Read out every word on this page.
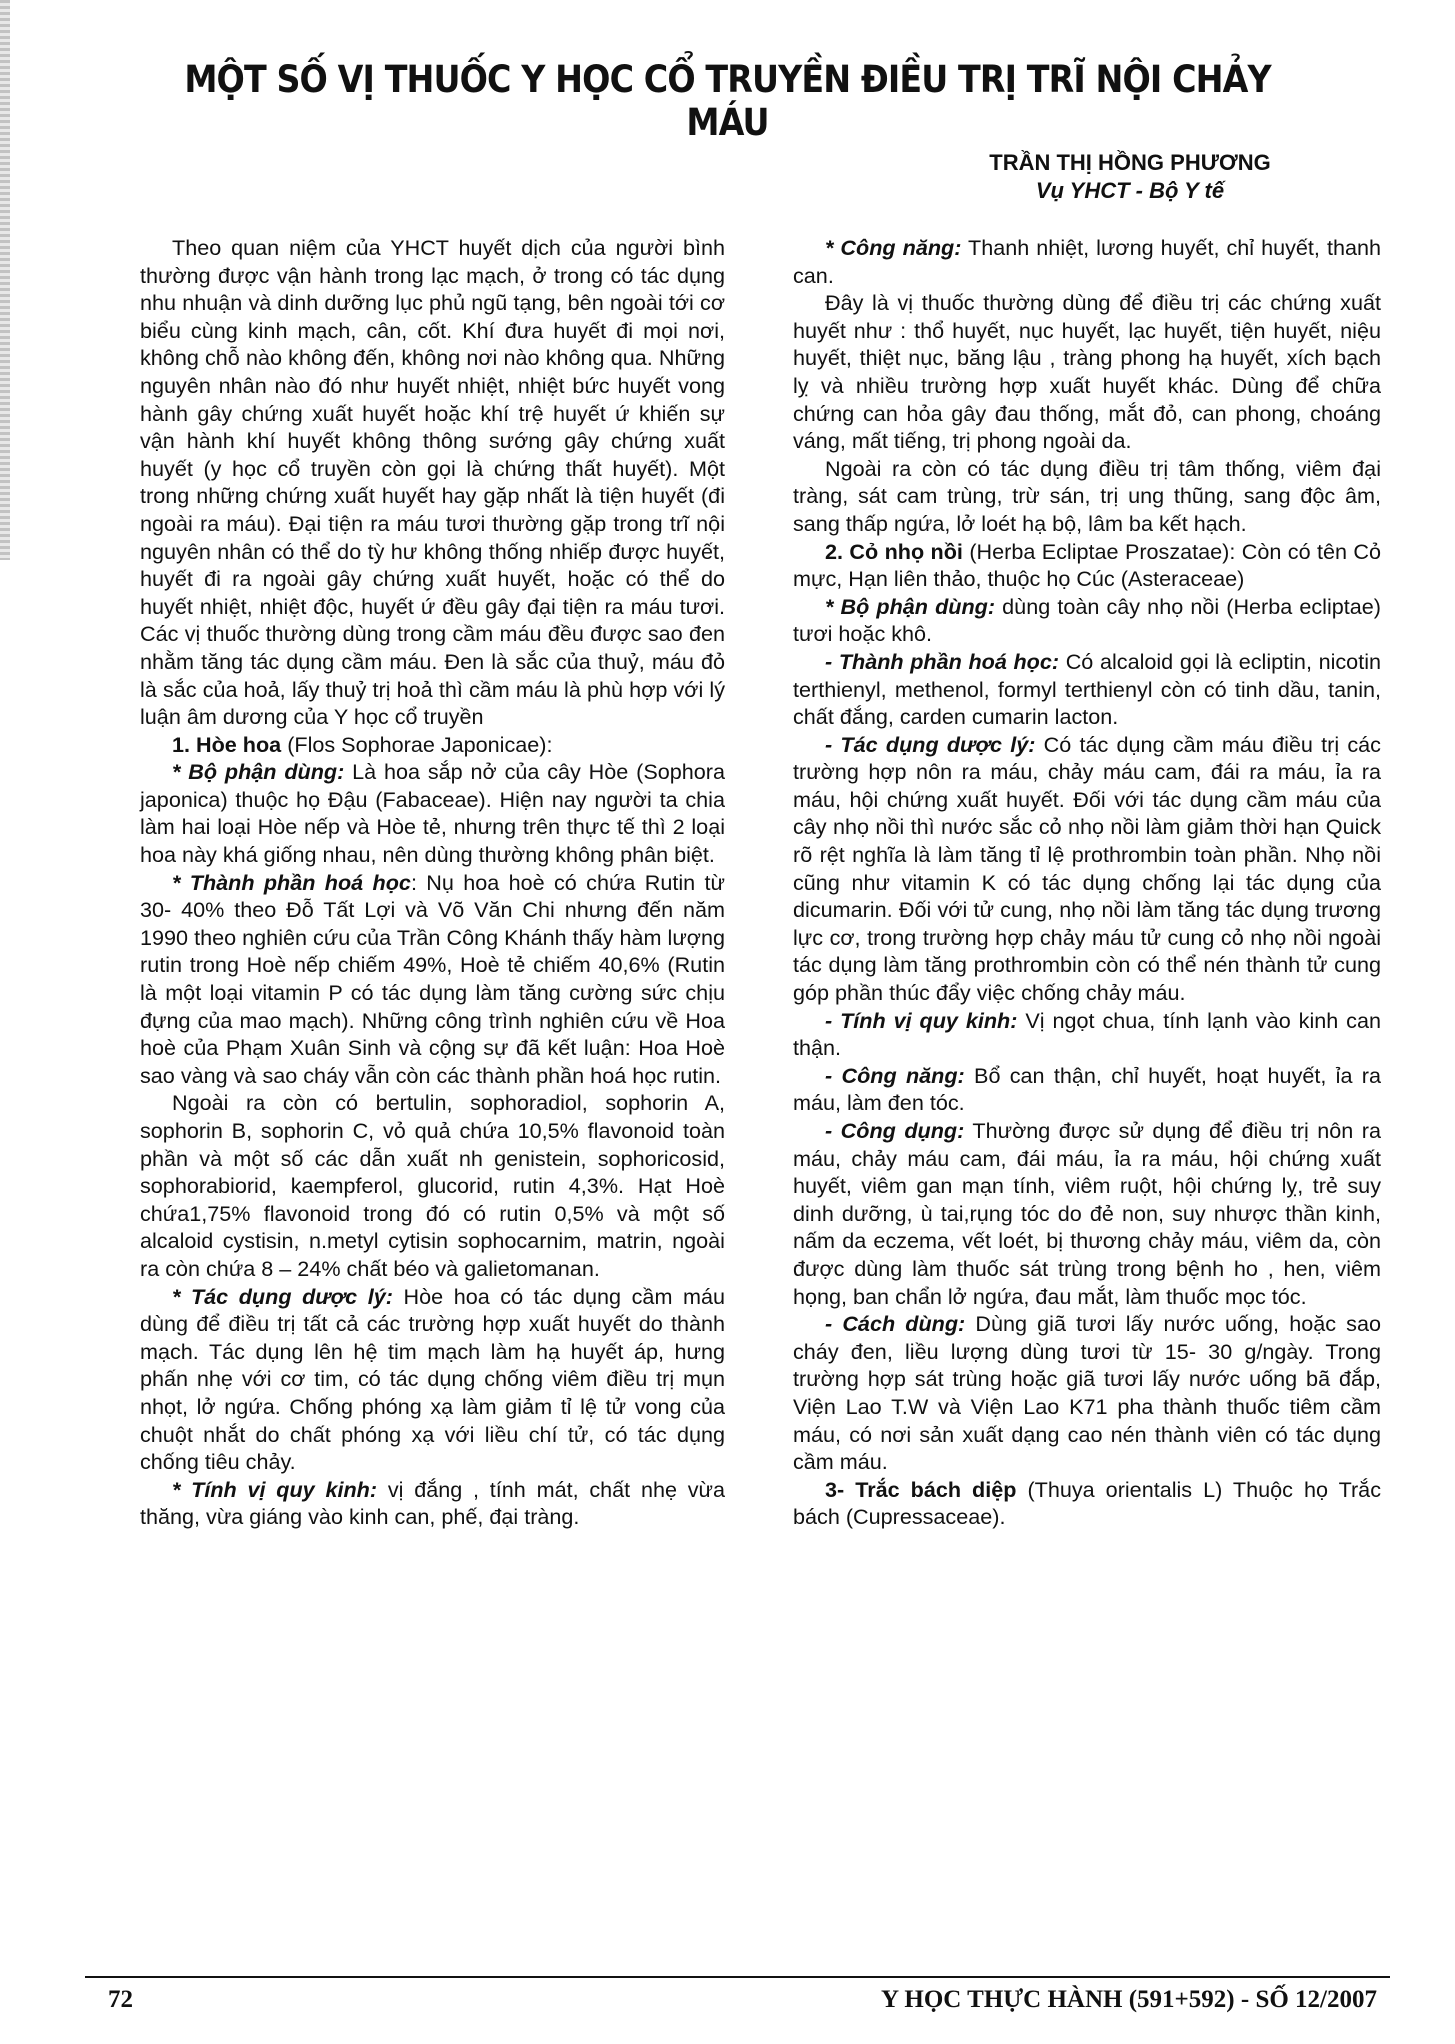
MỘT SỐ VỊ THUỐC Y HỌC CỔ TRUYỀN ĐIỀU TRỊ TRĨ NỘI CHẢY MÁU
TRẦN THỊ HỒNG PHƯƠNG
Vụ YHCT - Bộ Y tế

Theo quan niệm của YHCT huyết dịch của người bình thường được vận hành trong lạc mạch, ở trong có tác dụng nhu nhuận và dinh dưỡng lục phủ ngũ tạng, bên ngoài tới cơ biểu cùng kinh mạch, cân, cốt. Khí đưa huyết đi mọi nơi, không chỗ nào không đến, không nơi nào không qua. Những nguyên nhân nào đó như huyết nhiệt, nhiệt bức huyết vong hành gây chứng xuất huyết hoặc khí trệ huyết ứ khiến sự vận hành khí huyết không thông sướng gây chứng xuất huyết (y học cổ truyền còn gọi là chứng thất huyết). Một trong những chứng xuất huyết hay gặp nhất là tiện huyết (đi ngoài ra máu). Đại tiện ra máu tươi thường gặp trong trĩ nội nguyên nhân có thể do tỳ hư không thống nhiếp được huyết, huyết đi ra ngoài gây chứng xuất huyết, hoặc có thể do huyết nhiệt, nhiệt độc, huyết ứ đều gây đại tiện ra máu tươi. Các vị thuốc thường dùng trong cầm máu đều được sao đen nhằm tăng tác dụng cầm máu. Đen là sắc của thuỷ, máu đỏ là sắc của hoả, lấy thuỷ trị hoả thì cầm máu là phù hợp với lý luận âm dương của Y học cổ truyền

1. Hòe hoa (Flos Sophorae Japonicae):

* Bộ phận dùng: Là hoa sắp nở của cây Hòe (Sophora japonica) thuộc họ Đậu (Fabaceae). Hiện nay người ta chia làm hai loại Hòe nếp và Hòe tẻ, nhưng trên thực tế thì 2 loại hoa này khá giống nhau, nên dùng thường không phân biệt.

* Thành phần hoá học: Nụ hoa hoè có chứa Rutin từ 30- 40% theo Đỗ Tất Lợi và Võ Văn Chi nhưng đến năm 1990 theo nghiên cứu của Trần Công Khánh thấy hàm lượng rutin trong Hoè nếp chiếm 49%, Hoè tẻ chiếm 40,6% (Rutin là một loại vitamin P có tác dụng làm tăng cường sức chịu đựng của mao mạch). Những công trình nghiên cứu về Hoa hoè của Phạm Xuân Sinh và cộng sự đã kết luận: Hoa Hoè sao vàng và sao cháy vẫn còn các thành phần hoá học rutin.

Ngoài ra còn có bertulin, sophoradiol, sophorin A, sophorin B, sophorin C, vỏ quả chứa 10,5% flavonoid toàn phần và một số các dẫn xuất nh genistein, sophoricosid, sophorabiorid, kaempferol, glucorid, rutin 4,3%. Hạt Hoè chứa1,75% flavonoid trong đó có rutin 0,5% và một số alcaloid cystisin, n.metyl cytisin sophocarnim, matrin, ngoài ra còn chứa 8 – 24% chất béo và galietomanan.

* Tác dụng dược lý: Hòe hoa có tác dụng cầm máu dùng để điều trị tất cả các trường hợp xuất huyết do thành mạch. Tác dụng lên hệ tim mạch làm hạ huyết áp, hưng phấn nhẹ với cơ tim, có tác dụng chống viêm điều trị mụn nhọt, lở ngứa. Chống phóng xạ làm giảm tỉ lệ tử vong của chuột nhắt do chất phóng xạ với liều chí tử, có tác dụng chống tiêu chảy.

* Tính vị quy kinh: vị đắng , tính mát, chất nhẹ vừa thăng, vừa giáng vào kinh can, phế, đại tràng.

* Công năng: Thanh nhiệt, lương huyết, chỉ huyết, thanh can.

Đây là vị thuốc thường dùng để điều trị các chứng xuất huyết như : thổ huyết, nục huyết, lạc huyết, tiện huyết, niệu huyết, thiệt nục, băng lậu , tràng phong hạ huyết, xích bạch lỵ và nhiều trường hợp xuất huyết khác. Dùng để chữa chứng can hỏa gây đau thống, mắt đỏ, can phong, choáng váng, mất tiếng, trị phong ngoài da.

Ngoài ra còn có tác dụng điều trị tâm thống, viêm đại tràng, sát cam trùng, trừ sán, trị ung thũng, sang độc âm, sang thấp ngứa, lở loét hạ bộ, lâm ba kết hạch.

2. Cỏ nhọ nồi (Herba Ecliptae Proszatae): Còn có tên Cỏ mực, Hạn liên thảo, thuộc họ Cúc (Asteraceae)

* Bộ phận dùng: dùng toàn cây nhọ nồi (Herba ecliptae) tươi hoặc khô.

- Thành phần hoá học: Có alcaloid gọi là ecliptin, nicotin terthienyl, methenol, formyl terthienyl còn có tinh dầu, tanin, chất đắng, carden cumarin lacton.

- Tác dụng dược lý: Có tác dụng cầm máu điều trị các trường hợp nôn ra máu, chảy máu cam, đái ra máu, ỉa ra máu, hội chứng xuất huyết. Đối với tác dụng cầm máu của cây nhọ nồi thì nước sắc cỏ nhọ nồi làm giảm thời hạn Quick rõ rệt nghĩa là làm tăng tỉ lệ prothrombin toàn phần. Nhọ nồi cũng như vitamin K có tác dụng chống lại tác dụng của dicumarin. Đối với tử cung, nhọ nồi làm tăng tác dụng trương lực cơ, trong trường hợp chảy máu tử cung cỏ nhọ nồi ngoài tác dụng làm tăng prothrombin còn có thể nén thành tử cung góp phần thúc đẩy việc chống chảy máu.

- Tính vị quy kinh: Vị ngọt chua, tính lạnh vào kinh can thận.

- Công năng: Bổ can thận, chỉ huyết, hoạt huyết, ỉa ra máu, làm đen tóc.

- Công dụng: Thường được sử dụng để điều trị nôn ra máu, chảy máu cam, đái máu, ỉa ra máu, hội chứng xuất huyết, viêm gan mạn tính, viêm ruột, hội chứng lỵ, trẻ suy dinh dưỡng, ù tai,rụng tóc do đẻ non, suy nhược thần kinh, nấm da eczema, vết loét, bị thương chảy máu, viêm da, còn được dùng làm thuốc sát trùng trong bệnh ho , hen, viêm họng, ban chẩn lở ngứa, đau mắt, làm thuốc mọc tóc.

- Cách dùng: Dùng giã tươi lấy nước uống, hoặc sao cháy đen, liều lượng dùng tươi từ 15- 30 g/ngày. Trong trường hợp sát trùng hoặc giã tươi lấy nước uống bã đắp, Viện Lao T.W và Viện Lao K71 pha thành thuốc tiêm cầm máu, có nơi sản xuất dạng cao nén thành viên có tác dụng cầm máu.

3- Trắc bách diệp (Thuya orientalis L) Thuộc họ Trắc bách (Cupressaceae).

72	Y HỌC THỰC HÀNH (591+592) - SỐ 12/2007
